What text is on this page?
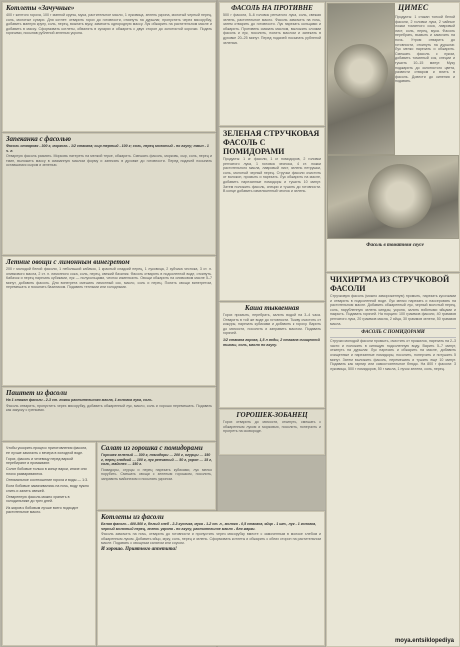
Котлеты «Зачучные»
400 г желтого гороха, 100 г манной крупы, мука, растительное масло, 1 луковица, зелень укропа, молотый черный перец, соль, молотые сухари. Для котлет: отварить горох до готовности, откинуть на дуршлаг, пропустить через мясорубку, добавить манную крупу, соль, перец, всыпать муку, замесить однородную массу. Лук обжарить на растительном масле и добавить в массу. Сформовать котлеты, обвалять в сухарях и обжарить с двух сторон до золотистой корочки. Подать горячими, посыпав рубленой зеленью укропа.
Запеканка с фасолью
Фасоль отварная - 300 г, морковь - 1/2 стакана; сыр тертый - 100 г; соль, перец молотый - по вкусу; тмин - 1 ч. л.
Отварную фасоль размять. Морковь натереть на мелкой терке, обжарить. Смешать фасоль, морковь, сыр, соль, перец и тмин, выложить массу в смазанную маслом форму и запекать в духовке до готовности. Перед подачей посыпать оставшимся сыром и зеленью.
Летние овощи с лимонным винегретом
200 г молодой белой фасоли, 1 небольшой кабачок, 1 красный сладкий перец, 1 луковица, 2 зубчика чеснока, 3 ст. л. оливкового масла, 2 ст. л. лимонного сока, соль, перец, свежий базилик. Фасоль отварить в подсоленной воде, откинуть. Кабачок и перец нарезать кубиками, лук — полукольцами, чеснок измельчить. Овощи обжарить на оливковом масле 5–7 минут, добавить фасоль. Для винегрета смешать лимонный сок, масло, соль и перец. Полить овощи винегретом, перемешать и посыпать базиликом. Подавать теплыми или холодными.
Паштет из фасоли
На 1 стакан фасоли - 2-3 ст. ложки растительного масла, 1 головка лука, соль.
Фасоль отварить, пропустить через мясорубку, добавить обжаренный лук, масло, соль и хорошо перемешать. Подавать как закуску с гренками.
Чтобы ускорить процесс приготовления фасоли, ее лучше замочить с вечера в холодной воде.
Горох, фасоль и чечевицу перед варкой перебирают и промывают.
Солят бобовые только в конце варки, иначе они плохо развариваются.
Оптимальное соотношение гороха и воды — 1:3.
Если бобовые замачивались на ночь, воду нужно слить и залить свежей.
Отваренную фасоль можно хранить в холодильнике до трех дней.
Из жиров к бобовым лучше всего подходит растительное масло.
Салат из горошка с помидорами
Горошек зеленый — 300 г, помидоры — 200 г, огурцы — 150 г, перец сладкий — 100 г, лук репчатый — 50 г, укроп — 15 г, соль, майонез — 150 г.
Помидоры, огурцы и перец нарезать кубиками, лук мелко порубить. Смешать овощи с зеленым горошком, посолить, заправить майонезом и посыпать укропом.
ФАСОЛЬ НА ПРОТИВНЕ
500 г фасоли, 5–6 головок репчатого лука, соль, свежая зелень, растительное масло. Фасоль замочить на ночь, затем отварить до готовности. Лук нарезать кольцами и обжарить. Противень смазать маслом, выложить слоями фасоль и лук, посолить, полить маслом и запекать в духовке 20–25 минут. Перед подачей посыпать рубленой зеленью.
ЗЕЛЕНАЯ СТРУЧКОВАЯ ФАСОЛЬ С ПОМИДОРАМИ
Продукты: 1 кг фасоли, 1 кг помидоров, 2 головки репчатого лука, 1 головка чеснока, 4 ст. ложки растительного масла, лавровый лист, зелень петрушки, соль, молотый черный перец. Стручки фасоли очистить от волокон, промыть и нарезать. Лук обжарить на масле, добавить нарезанные помидоры и тушить 10 минут. Затем положить фасоль, специи и тушить до готовности. В конце добавить измельченный чеснок и зелень.
Каша тыквенная
Горох промыть, перебрать, залить водой на 3–4 часа. Отварить в той же воде до готовности. Тыкву очистить от кожуры, нарезать кубиками и добавить к гороху. Варить до мягкости, посолить и заправить маслом. Подавать горячей.
1/2 стакана гороха, 1,5 л воды, 2 стакана очищенной тыквы, соль, масло по вкусу.
ГОРОШЕК-ЗОБАНЕЦ
Горох отварить до мягкости, откинуть, смешать с обжаренным луком и морковью, посолить, поперчить и прогреть на сковороде.
Котлеты из фасоли
Белая фасоль - 400-500 г, белый хлеб - 2-3 кусочка, мука - 1-2 ст. л., молоко - 0,5 стакана, яйцо - 1 шт., лук - 1 головка, черный молотый перец, зелень укропа - по вкусу, растительное масло - для жарки.
Фасоль замочить на ночь, отварить до готовности и пропустить через мясорубку вместе с замоченным в молоке хлебом и обжаренным луком. Добавить яйцо, муку, соль, перец и зелень. Сформовать котлеты и обжарить с обеих сторон на растительном масле. Подавать с овощным салатом или соусом.
И хорошо. Приятного аппетита!
ЦИМЕС
Продукты: 1 стакан тонкой белой фасоли, 2 головки лука, 2 чайные ложки томатного сока, лавровый лист, соль, перец, мука. Фасоль перебрать, вымыть и замочить на ночь. Утром отварить до готовности, откинуть на дуршлаг. Лук мелко нарезать и обжарить. Смешать фасоль с луком, добавить томатный сок, специи и тушить 10–15 минут. Муку поджарить до золотистого цвета, развести отваром и влить в фасоль. Довести до кипения и подавать.
Фасоль в томатном соусе
ЧИХИРТМА ИЗ СТРУЧКОВОЙ ФАСОЛИ
Стручковую фасоль (можно замороженную) промыть, нарезать кусочками и отварить в подсоленной воде. Лук мелко нарезать и пассеровать на растительном масле. Добавить обжаренный лук, черный молотый перец, соль, нарубленную зелень киндзы, укропа, залить взбитыми яйцами и накрыть. Подавать горячей. На порцию: 100 граммов фасоли, 40 граммов репчатого лука, 20 граммов масла, 2 яйца, 30 граммов зелени, 50 граммов масла.
ФАСОЛЬ С ПОМИДОРАМИ
Стручки молодой фасоли промыть, очистить от прожилок, нарезать на 2–3 части и положить в кипящую подсоленную воду. Варить 5–7 минут, откинуть на дуршлаг. Лук нарезать и обжарить на масле, добавить очищенные и нарезанные помидоры, посолить, поперчить и потушить 5 минут. Затем выложить фасоль, перемешать и тушить еще 10 минут. Подавать как гарнир или самостоятельное блюдо. На 800 г фасоли: 3 луковицы, 500 г помидоров, 50 г масла, 1 пучок зелени, соль, перец.
moya.entsiklopediya
